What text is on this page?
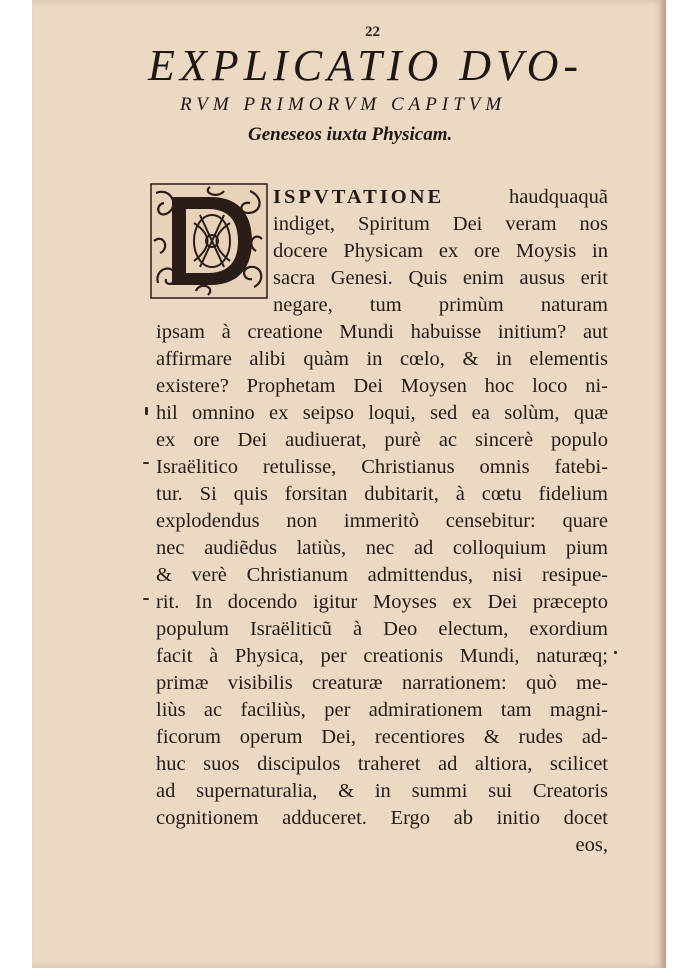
22
EXPLICATIO DVO-
RVM PRIMORVM CAPITVM
Geneseos iuxta Physicam.
ISPVTATIONE haudquaquã
indiget, Spiritum Dei veram nos
docere Physicam ex ore Moysis in
sacra Genesi. Quis enim ausus erit
negare, tum primùm naturam
ipsam à creatione Mundi habuisse initium? aut
affirmare alibi quàm in cœlo, & in elementis
existere? Prophetam Dei Moysen hoc loco ni-
hil omnino ex seipso loqui, sed ea solùm, quæ
ex ore Dei audiuerat, purè ac sincerè populo
Israëlitico retulisse, Christianus omnis fatebi-
tur. Si quis forsitan dubitarit, à cœtu fidelium
explodendus non immeritò censebitur: quare
nec audiẽdus latiùs, nec ad colloquium pium
& verè Christianum admittendus, nisi resipue-
rit. In docendo igitur Moyses ex Dei præcepto
populum Israëliticũ à Deo electum, exordium
facit à Physica, per creationis Mundi, naturæq;
primæ visibilis creaturæ narrationem: quò me-
liùs ac faciliùs, per admirationem tam magni-
ficorum operum Dei, recentiores & rudes ad-
huc suos discipulos traheret ad altiora, scilicet
ad supernaturalia, & in summi sui Creatoris
cognitionem adduceret. Ergo ab initio docet
eos,
